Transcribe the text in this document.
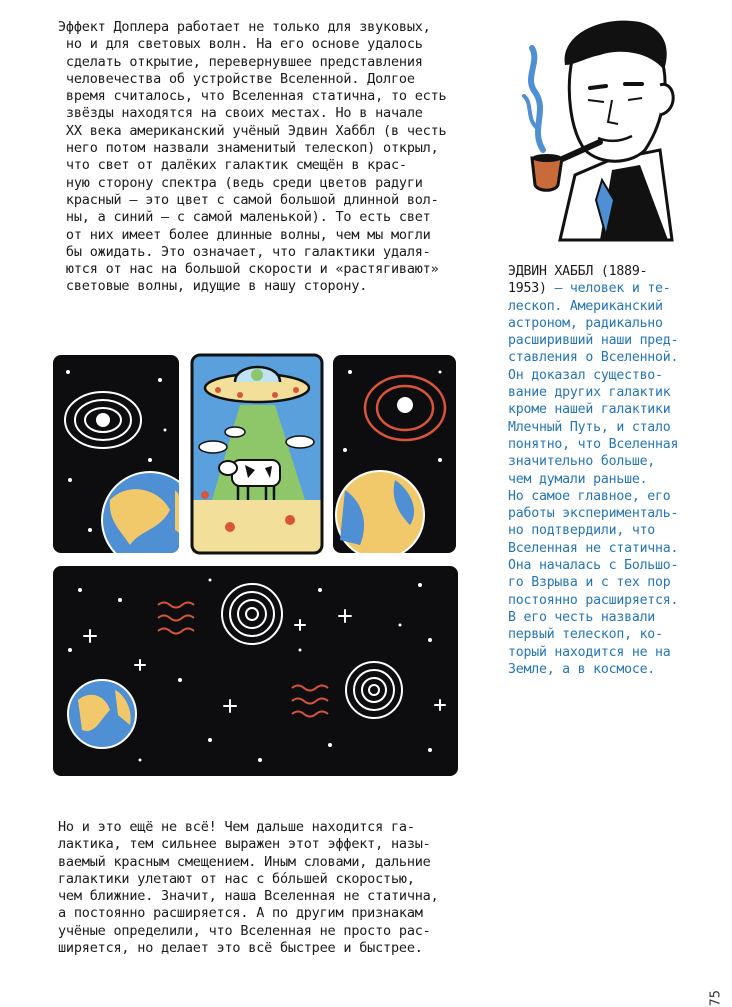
Эффект Доплера работает не только для звуковых,
но и для световых волн. На его основе удалось
сделать открытие, перевернувшее представления
человечества об устройстве Вселенной. Долгое
время считалось, что Вселенная статична, то есть
звёзды находятся на своих местах. Но в начале
XX века американский учёный Эдвин Хаббл (в честь
него потом назвали знаменитый телескоп) открыл,
что свет от далёких галактик смещён в крас-
ную сторону спектра (ведь среди цветов радуги
красный — это цвет с самой большой длинной вол-
ны, а синий — с самой маленькой). То есть свет
от них имеет более длинные волны, чем мы могли
бы ожидать. Это означает, что галактики удаля-
ются от нас на большой скорости и «растягивают»
световые волны, идущие в нашу сторону.

ЭДВИН ХАББЛ (1889-
1953) — человек и те-
лескоп. Американский
астроном, радикально
расширивший наши пред-
ставления о Вселенной.
Он доказал существо-
вание других галактик
кроме нашей галактики
Млечный Путь, и стало
понятно, что Вселенная
значительно больше,
чем думали раньше.
Но самое главное, его
работы эксперименталь-
но подтвердили, что
Вселенная не статична.
Она началась с Большо-
го Взрыва и с тех пор
постоянно расширяется.
В его честь назвали
первый телескоп, ко-
торый находится не на
Земле, а в космосе.

Но и это ещё не всё! Чем дальше находится га-
лактика, тем сильнее выражен этот эффект, назы-
ваемый красным смещением. Иным словами, дальние
галактики улетают от нас с бóльшей скоростью,
чем ближние. Значит, наша Вселенная не статична,
а постоянно расширяется. А по другим признакам
учёные определили, что Вселенная не просто рас-
ширяется, но делает это всё быстрее и быстрее.

75
